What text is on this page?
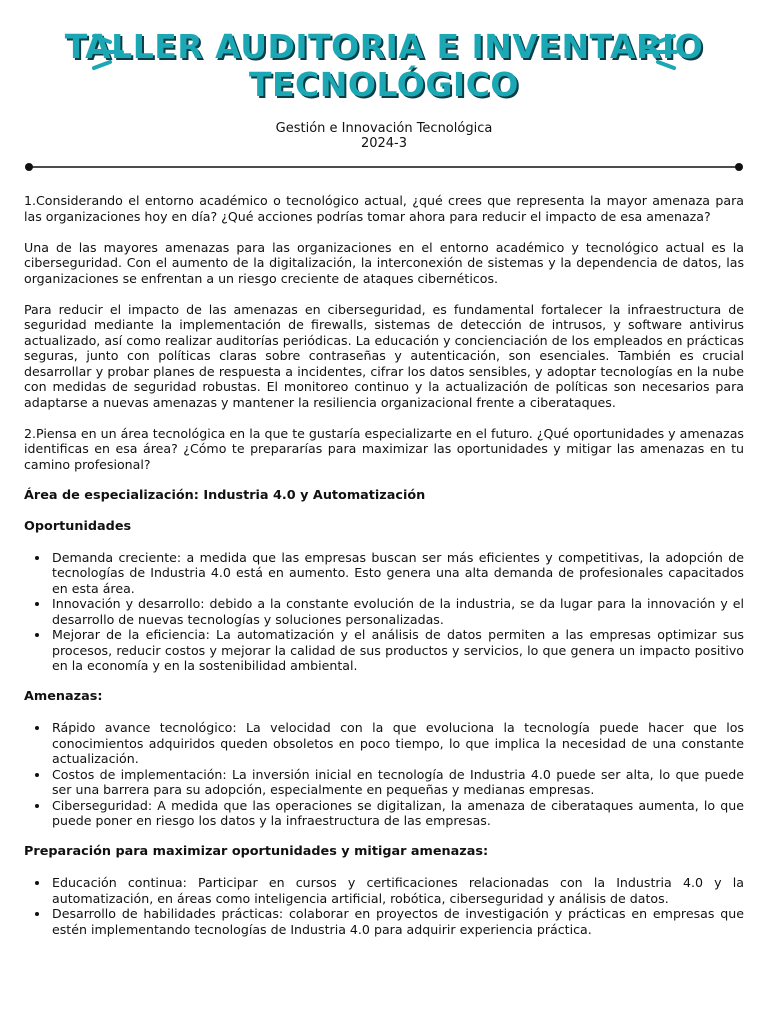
TALLER AUDITORIA E INVENTARIO
TECNOLÓGICO
Gestión e Innovación Tecnológica
2024-3

1.Considerando el entorno académico o tecnológico actual, ¿qué crees que representa la mayor amenaza para las organizaciones hoy en día? ¿Qué acciones podrías tomar ahora para reducir el impacto de esa amenaza?

Una de las mayores amenazas para las organizaciones en el entorno académico y tecnológico actual es la ciberseguridad. Con el aumento de la digitalización, la interconexión de sistemas y la dependencia de datos, las organizaciones se enfrentan a un riesgo creciente de ataques cibernéticos.

Para reducir el impacto de las amenazas en ciberseguridad, es fundamental fortalecer la infraestructura de seguridad mediante la implementación de firewalls, sistemas de detección de intrusos, y software antivirus actualizado, así como realizar auditorías periódicas. La educación y concienciación de los empleados en prácticas seguras, junto con políticas claras sobre contraseñas y autenticación, son esenciales. También es crucial desarrollar y probar planes de respuesta a incidentes, cifrar los datos sensibles, y adoptar tecnologías en la nube con medidas de seguridad robustas. El monitoreo continuo y la actualización de políticas son necesarios para adaptarse a nuevas amenazas y mantener la resiliencia organizacional frente a ciberataques.

2.Piensa en un área tecnológica en la que te gustaría especializarte en el futuro. ¿Qué oportunidades y amenazas identificas en esa área? ¿Cómo te prepararías para maximizar las oportunidades y mitigar las amenazas en tu camino profesional?

Área de especialización: Industria 4.0 y Automatización
Oportunidades
• Demanda creciente: a medida que las empresas buscan ser más eficientes y competitivas, la adopción de tecnologías de Industria 4.0 está en aumento. Esto genera una alta demanda de profesionales capacitados en esta área.
• Innovación y desarrollo: debido a la constante evolución de la industria, se da lugar para la innovación y el desarrollo de nuevas tecnologías y soluciones personalizadas.
• Mejorar de la eficiencia: La automatización y el análisis de datos permiten a las empresas optimizar sus procesos, reducir costos y mejorar la calidad de sus productos y servicios, lo que genera un impacto positivo en la economía y en la sostenibilidad ambiental.
Amenazas:
• Rápido avance tecnológico: La velocidad con la que evoluciona la tecnología puede hacer que los conocimientos adquiridos queden obsoletos en poco tiempo, lo que implica la necesidad de una constante actualización.
• Costos de implementación: La inversión inicial en tecnología de Industria 4.0 puede ser alta, lo que puede ser una barrera para su adopción, especialmente en pequeñas y medianas empresas.
• Ciberseguridad: A medida que las operaciones se digitalizan, la amenaza de ciberataques aumenta, lo que puede poner en riesgo los datos y la infraestructura de las empresas.
Preparación para maximizar oportunidades y mitigar amenazas:
• Educación continua: Participar en cursos y certificaciones relacionadas con la Industria 4.0 y la automatización, en áreas como inteligencia artificial, robótica, ciberseguridad y análisis de datos.
• Desarrollo de habilidades prácticas: colaborar en proyectos de investigación y prácticas en empresas que estén implementando tecnologías de Industria 4.0 para adquirir experiencia práctica.
